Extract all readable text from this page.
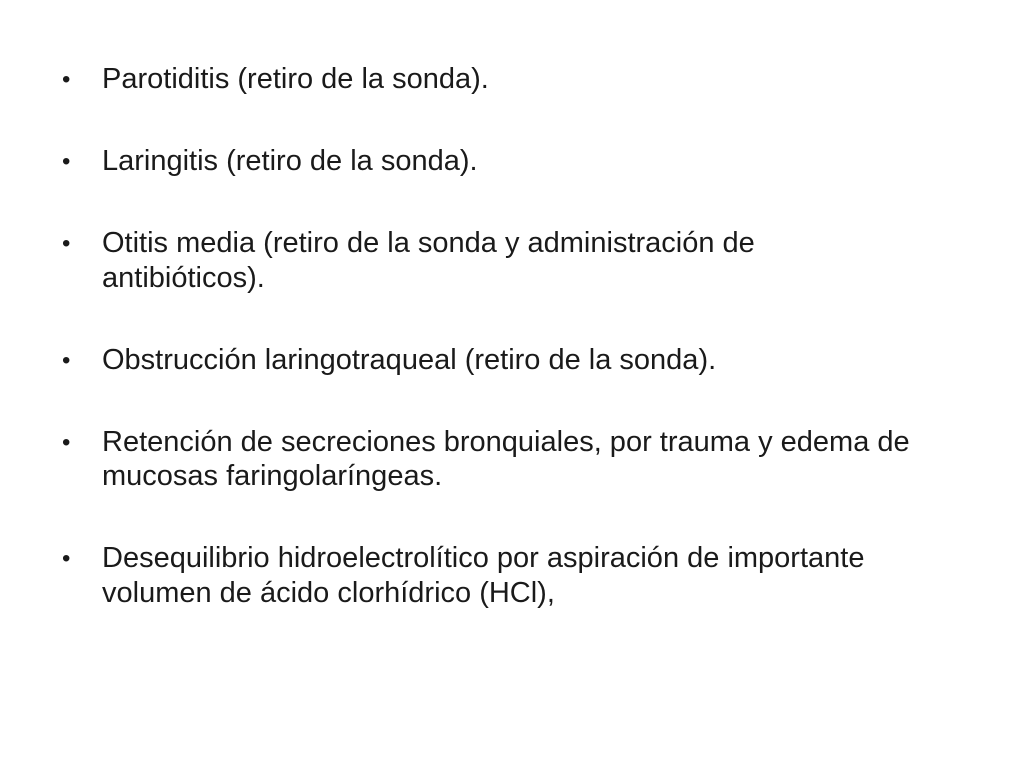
•	Parotiditis (retiro de la sonda).
•	Laringitis (retiro de la sonda).
•	Otitis media (retiro de la sonda y administración de antibióticos).
•	Obstrucción laringotraqueal (retiro de la sonda).
•	Retención de secreciones bronquiales, por trauma y edema de mucosas faringolaríngeas.
•	Desequilibrio hidroelectrolítico por aspiración de importante volumen de ácido clorhídrico (HCl),
